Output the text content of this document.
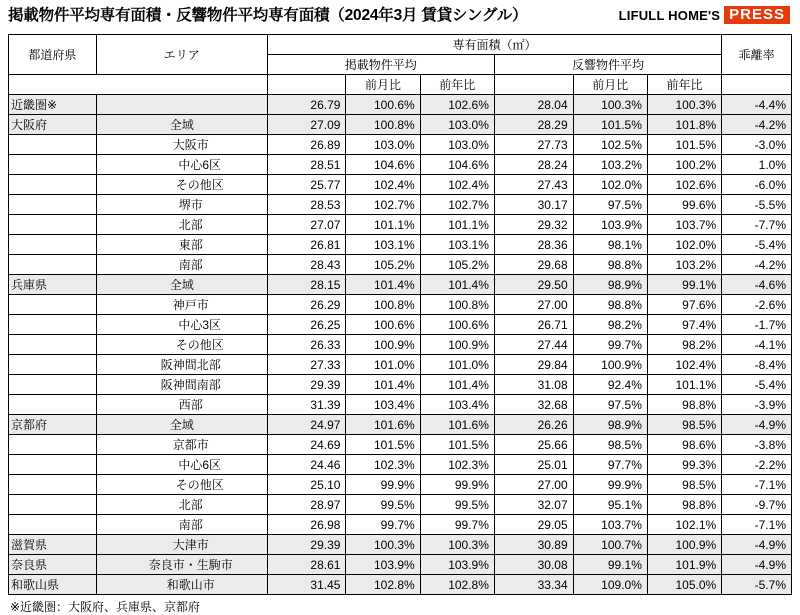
掲載物件平均専有面積・反響物件平均専有面積（2024年3月 賃貸シングル）	LIFULL HOME'S PRESS
都道府県	エリア	専有面積（㎡）						乖離率
		掲載物件平均			反響物件平均			
			前月比	前年比		前月比	前年比	
近畿圏※		26.79	100.6%	102.6%	28.04	100.3%	100.3%	-4.4%
大阪府	全域	27.09	100.8%	103.0%	28.29	101.5%	101.8%	-4.2%
	大阪市	26.89	103.0%	103.0%	27.73	102.5%	101.5%	-3.0%
	中心6区	28.51	104.6%	104.6%	28.24	103.2%	100.2%	1.0%
	その他区	25.77	102.4%	102.4%	27.43	102.0%	102.6%	-6.0%
	堺市	28.53	102.7%	102.7%	30.17	97.5%	99.6%	-5.5%
	北部	27.07	101.1%	101.1%	29.32	103.9%	103.7%	-7.7%
	東部	26.81	103.1%	103.1%	28.36	98.1%	102.0%	-5.4%
	南部	28.43	105.2%	105.2%	29.68	98.8%	103.2%	-4.2%
兵庫県	全域	28.15	101.4%	101.4%	29.50	98.9%	99.1%	-4.6%
	神戸市	26.29	100.8%	100.8%	27.00	98.8%	97.6%	-2.6%
	中心3区	26.25	100.6%	100.6%	26.71	98.2%	97.4%	-1.7%
	その他区	26.33	100.9%	100.9%	27.44	99.7%	98.2%	-4.1%
	阪神間北部	27.33	101.0%	101.0%	29.84	100.9%	102.4%	-8.4%
	阪神間南部	29.39	101.4%	101.4%	31.08	92.4%	101.1%	-5.4%
	西部	31.39	103.4%	103.4%	32.68	97.5%	98.8%	-3.9%
京都府	全域	24.97	101.6%	101.6%	26.26	98.9%	98.5%	-4.9%
	京都市	24.69	101.5%	101.5%	25.66	98.5%	98.6%	-3.8%
	中心6区	24.46	102.3%	102.3%	25.01	97.7%	99.3%	-2.2%
	その他区	25.10	99.9%	99.9%	27.00	99.9%	98.5%	-7.1%
	北部	28.97	99.5%	99.5%	32.07	95.1%	98.8%	-9.7%
	南部	26.98	99.7%	99.7%	29.05	103.7%	102.1%	-7.1%
滋賀県	大津市	29.39	100.3%	100.3%	30.89	100.7%	100.9%	-4.9%
奈良県	奈良市・生駒市	28.61	103.9%	103.9%	30.08	99.1%	101.9%	-4.9%
和歌山県	和歌山市	31.45	102.8%	102.8%	33.34	109.0%	105.0%	-5.7%
※近畿圏：大阪府、兵庫県、京都府
